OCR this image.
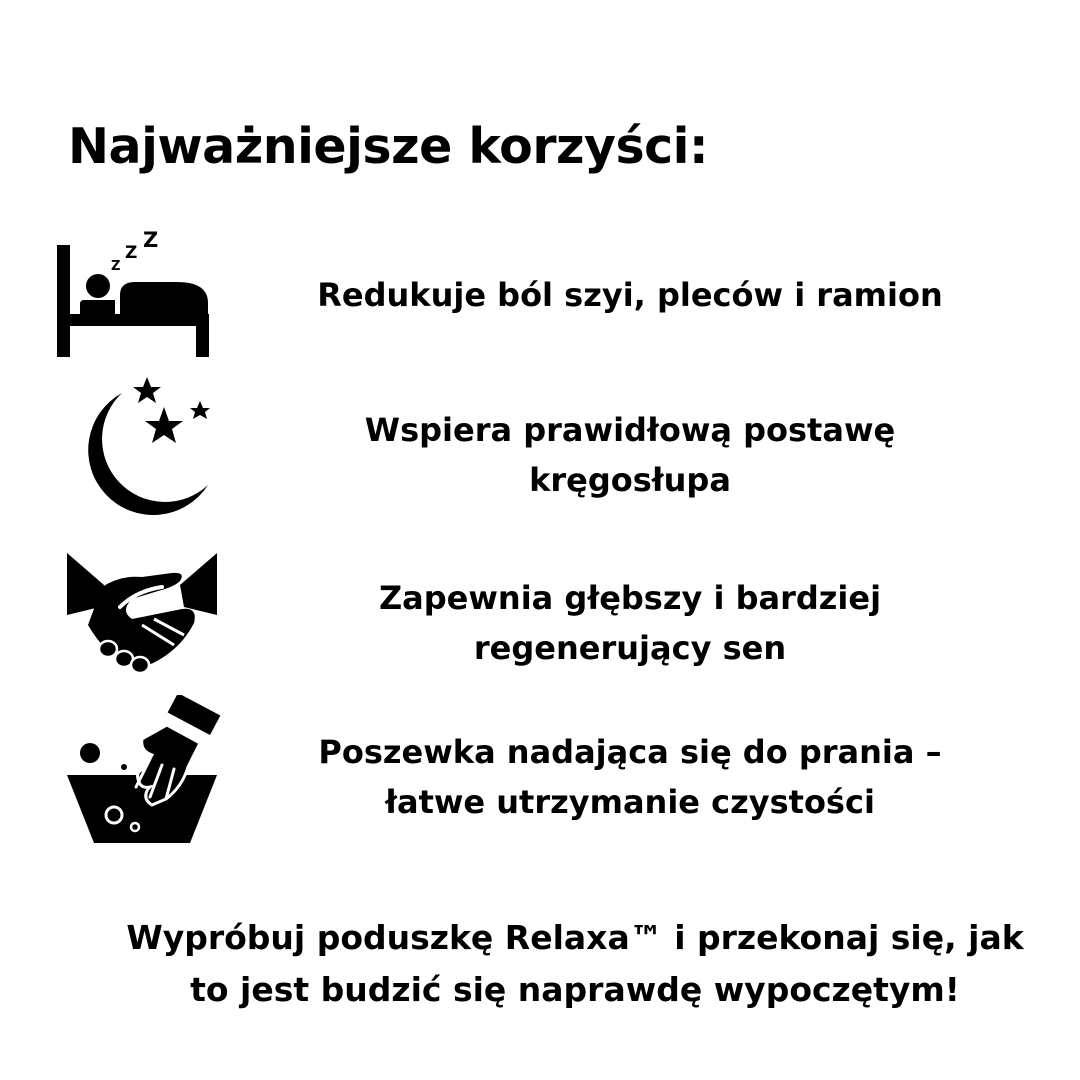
Najważniejsze korzyści:
Z
Z
Z
Redukuje ból szyi, pleców i ramion
Wspiera prawidłową postawę
kręgosłupa
Zapewnia głębszy i bardziej
regenerujący sen
Poszewka nadająca się do prania –
łatwe utrzymanie czystości
Wypróbuj poduszkę Relaxa™ i przekonaj się, jak
to jest budzić się naprawdę wypoczętym!
